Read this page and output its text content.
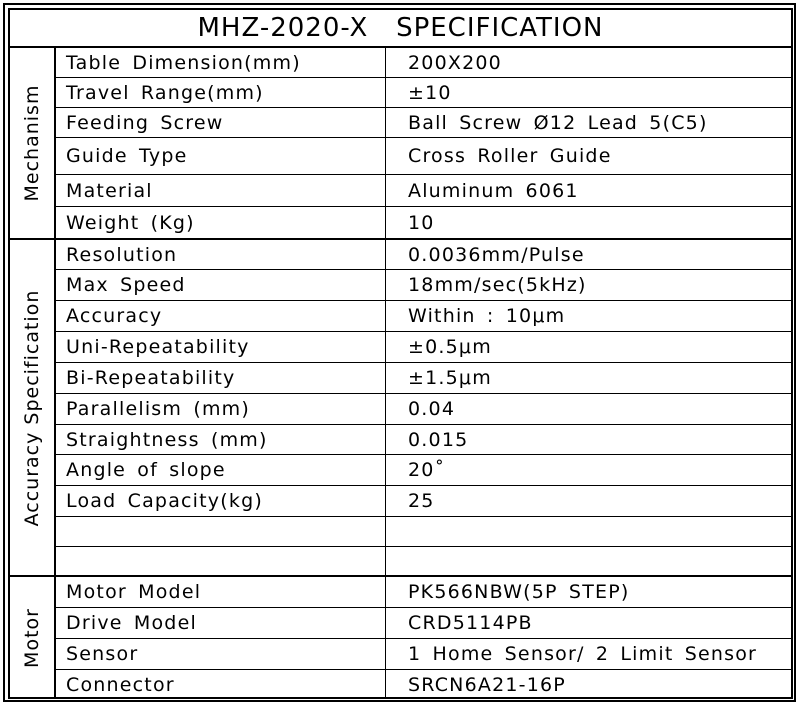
MHZ-2020-X   SPECIFICATION
Mechanism
Table Dimension(mm)	200X200
Travel Range(mm)	±10
Feeding Screw	Ball Screw Ø12 Lead 5(C5)
Guide Type	Cross Roller Guide
Material	Aluminum 6061
Weight (Kg)	10
Accuracy Specification
Resolution	0.0036mm/Pulse
Max Speed	18mm/sec(5kHz)
Accuracy	Within : 10μm
Uni-Repeatability	±0.5μm
Bi-Repeatability	±1.5μm
Parallelism (mm)	0.04
Straightness (mm)	0.015
Angle of slope	20˚
Load Capacity(kg)	25
Motor
Motor Model	PK566NBW(5P STEP)
Drive Model	CRD5114PB
Sensor	1 Home Sensor/ 2 Limit Sensor
Connector	SRCN6A21-16P
